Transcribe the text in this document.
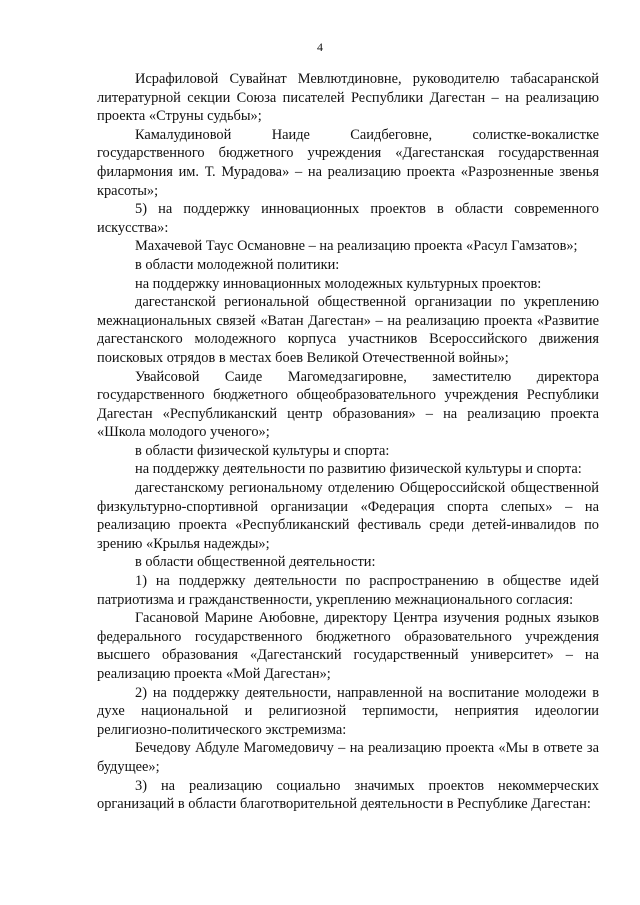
4

Исрафиловой Сувайнат Мевлютдиновне, руководителю табасаранской литературной секции Союза писателей Республики Дагестан – на реализацию проекта «Струны судьбы»;

Камалудиновой Наиде Саидбеговне, солистке-вокалистке государственного бюджетного учреждения «Дагестанская государственная филармония им. Т. Мурадова» – на реализацию проекта «Разрозненные звенья красоты»;

5) на поддержку инновационных проектов в области современного искусства»:

Махачевой Таус Османовне – на реализацию проекта «Расул Гамзатов»;

в области молодежной политики:

на поддержку инновационных молодежных культурных проектов:

дагестанской региональной общественной организации по укреплению межнациональных связей «Ватан Дагестан» – на реализацию проекта «Развитие дагестанского молодежного корпуса участников Всероссийского движения поисковых отрядов в местах боев Великой Отечественной войны»;

Увайсовой Саиде Магомедзагировне, заместителю директора государственного бюджетного общеобразовательного учреждения Республики Дагестан «Республиканский центр образования» – на реализацию проекта «Школа молодого ученого»;

в области физической культуры и спорта:

на поддержку деятельности по развитию физической культуры и спорта:

дагестанскому региональному отделению Общероссийской общественной физкультурно-спортивной организации «Федерация спорта слепых» – на реализацию проекта «Республиканский фестиваль среди детей-инвалидов по зрению «Крылья надежды»;

в области общественной деятельности:

1) на поддержку деятельности по распространению в обществе идей патриотизма и гражданственности, укреплению межнационального согласия:

Гасановой Марине Аюбовне, директору Центра изучения родных языков федерального государственного бюджетного образовательного учреждения высшего образования «Дагестанский государственный университет» – на реализацию проекта «Мой Дагестан»;

2) на поддержку деятельности, направленной на воспитание молодежи в духе национальной и религиозной терпимости, неприятия идеологии религиозно-политического экстремизма:

Бечедову Абдуле Магомедовичу – на реализацию проекта «Мы в ответе за будущее»;

3) на реализацию социально значимых проектов некоммерческих организаций в области благотворительной деятельности в Республике Дагестан:
